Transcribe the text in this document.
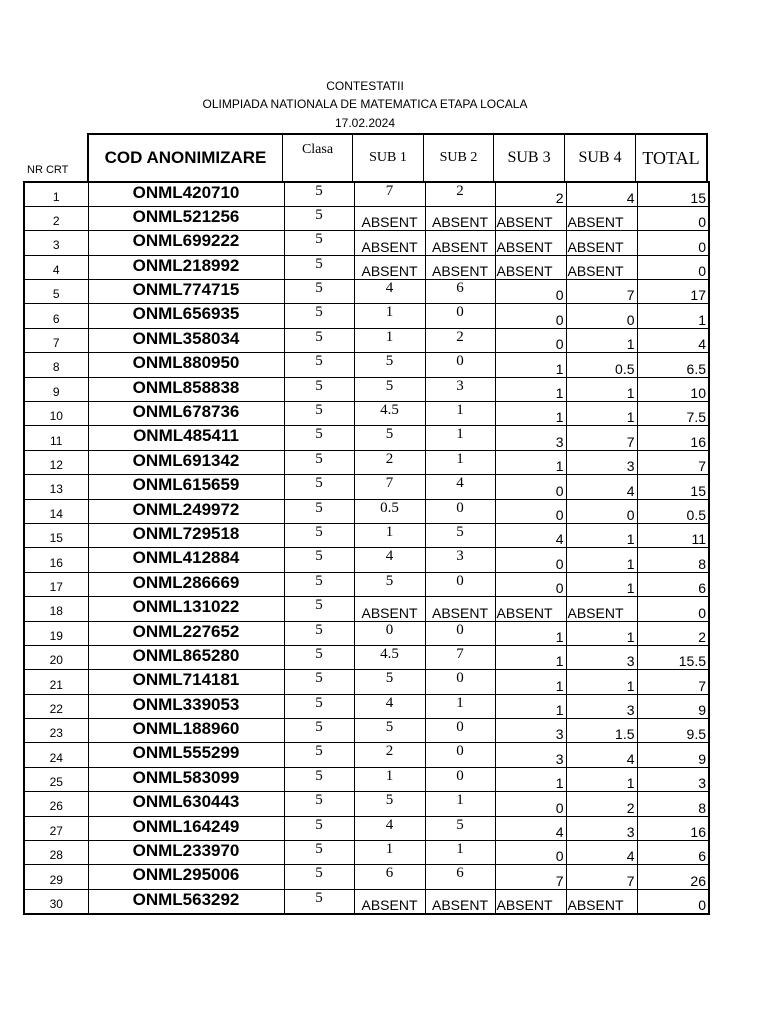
CONTESTATII
OLIMPIADA NATIONALA DE MATEMATICA ETAPA LOCALA
17.02.2024
NR CRT
COD ANONIMIZARE	Clasa
SUB 1	SUB 2	SUB 3	SUB 4	TOTAL
1	ONML420710	5	7	2	2	4	15
2	ONML521256	5	ABSENT	ABSENT	ABSENT	ABSENT	0
3	ONML699222	5	ABSENT	ABSENT	ABSENT	ABSENT	0
4	ONML218992	5	ABSENT	ABSENT	ABSENT	ABSENT	0
5	ONML774715	5	4	6	0	7	17
6	ONML656935	5	1	0	0	0	1
7	ONML358034	5	1	2	0	1	4
8	ONML880950	5	5	0	1	0.5	6.5
9	ONML858838	5	5	3	1	1	10
10	ONML678736	5	4.5	1	1	1	7.5
11	ONML485411	5	5	1	3	7	16
12	ONML691342	5	2	1	1	3	7
13	ONML615659	5	7	4	0	4	15
14	ONML249972	5	0.5	0	0	0	0.5
15	ONML729518	5	1	5	4	1	11
16	ONML412884	5	4	3	0	1	8
17	ONML286669	5	5	0	0	1	6
18	ONML131022	5	ABSENT	ABSENT	ABSENT	ABSENT	0
19	ONML227652	5	0	0	1	1	2
20	ONML865280	5	4.5	7	1	3	15.5
21	ONML714181	5	5	0	1	1	7
22	ONML339053	5	4	1	1	3	9
23	ONML188960	5	5	0	3	1.5	9.5
24	ONML555299	5	2	0	3	4	9
25	ONML583099	5	1	0	1	1	3
26	ONML630443	5	5	1	0	2	8
27	ONML164249	5	4	5	4	3	16
28	ONML233970	5	1	1	0	4	6
29	ONML295006	5	6	6	7	7	26
30	ONML563292	5	ABSENT	ABSENT	ABSENT	ABSENT	0
